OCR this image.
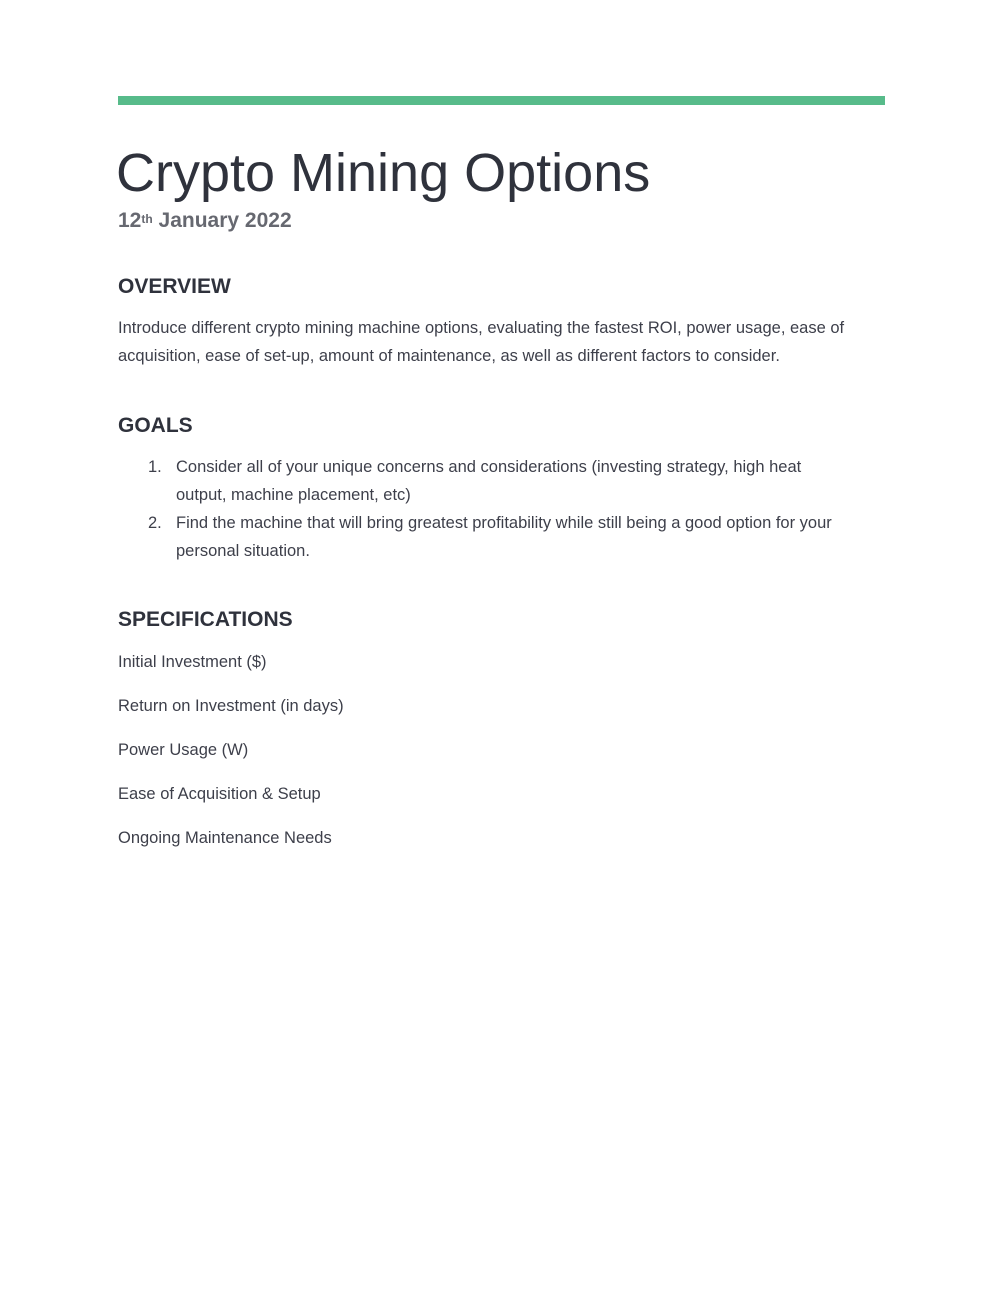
Crypto Mining Options
12th January 2022
OVERVIEW

Introduce different crypto mining machine options, evaluating the fastest ROI, power usage, ease of acquisition, ease of set-up, amount of maintenance, as well as different factors to consider.

GOALS
1. Consider all of your unique concerns and considerations (investing strategy, high heat output, machine placement, etc)
2. Find the machine that will bring greatest profitability while still being a good option for your personal situation.
SPECIFICATIONS
Initial Investment ($)
Return on Investment (in days)
Power Usage (W)
Ease of Acquisition & Setup
Ongoing Maintenance Needs
